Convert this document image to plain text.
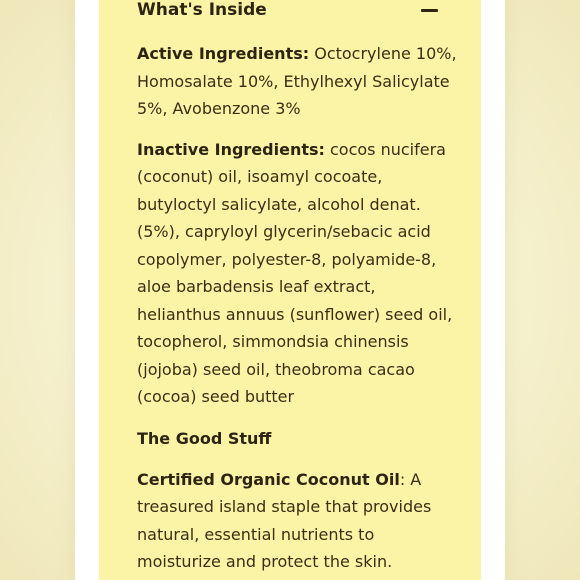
What's Inside

Active Ingredients: Octocrylene 10%, Homosalate 10%, Ethylhexyl Salicylate 5%, Avobenzone 3%

Inactive Ingredients: cocos nucifera (coconut) oil, isoamyl cocoate, butyloctyl salicylate, alcohol denat. (5%), capryloyl glycerin/sebacic acid copolymer, polyester-8, polyamide-8, aloe barbadensis leaf extract, helianthus annuus (sunflower) seed oil, tocopherol, simmondsia chinensis (jojoba) seed oil, theobroma cacao (cocoa) seed butter

The Good Stuff

Certified Organic Coconut Oil: A treasured island staple that provides natural, essential nutrients to moisturize and protect the skin.
